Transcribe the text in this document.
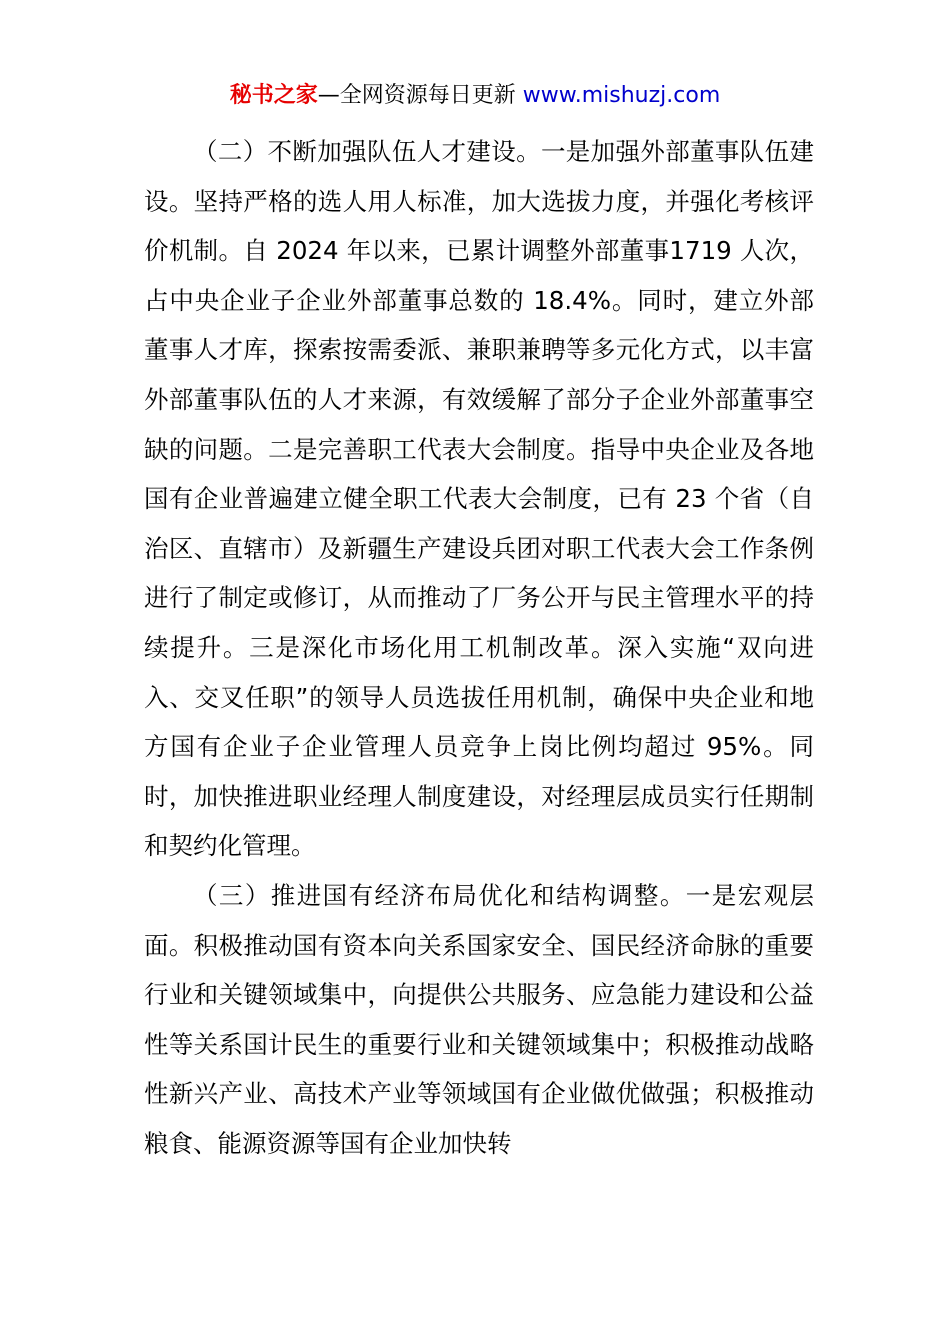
秘书之家—全网资源每日更新 www.mishuzj.com

（二）不断加强队伍人才建设。一是加强外部董事队伍建设。坚持严格的选人用人标准，加大选拔力度，并强化考核评价机制。自 2024 年以来，已累计调整外部董事1719 人次，占中央企业子企业外部董事总数的 18.4%。同时，建立外部董事人才库，探索按需委派、兼职兼聘等多元化方式，以丰富外部董事队伍的人才来源，有效缓解了部分子企业外部董事空缺的问题。二是完善职工代表大会制度。指导中央企业及各地国有企业普遍建立健全职工代表大会制度，已有 23 个省（自治区、直辖市）及新疆生产建设兵团对职工代表大会工作条例进行了制定或修订，从而推动了厂务公开与民主管理水平的持续提升。三是深化市场化用工机制改革。深入实施“双向进入、交叉任职”的领导人员选拔任用机制，确保中央企业和地方国有企业子企业管理人员竞争上岗比例均超过 95%。同时，加快推进职业经理人制度建设，对经理层成员实行任期制和契约化管理。

（三）推进国有经济布局优化和结构调整。一是宏观层面。积极推动国有资本向关系国家安全、国民经济命脉的重要行业和关键领域集中，向提供公共服务、应急能力建设和公益性等关系国计民生的重要行业和关键领域集中；积极推动战略性新兴产业、高技术产业等领域国有企业做优做强；积极推动粮食、能源资源等国有企业加快转
